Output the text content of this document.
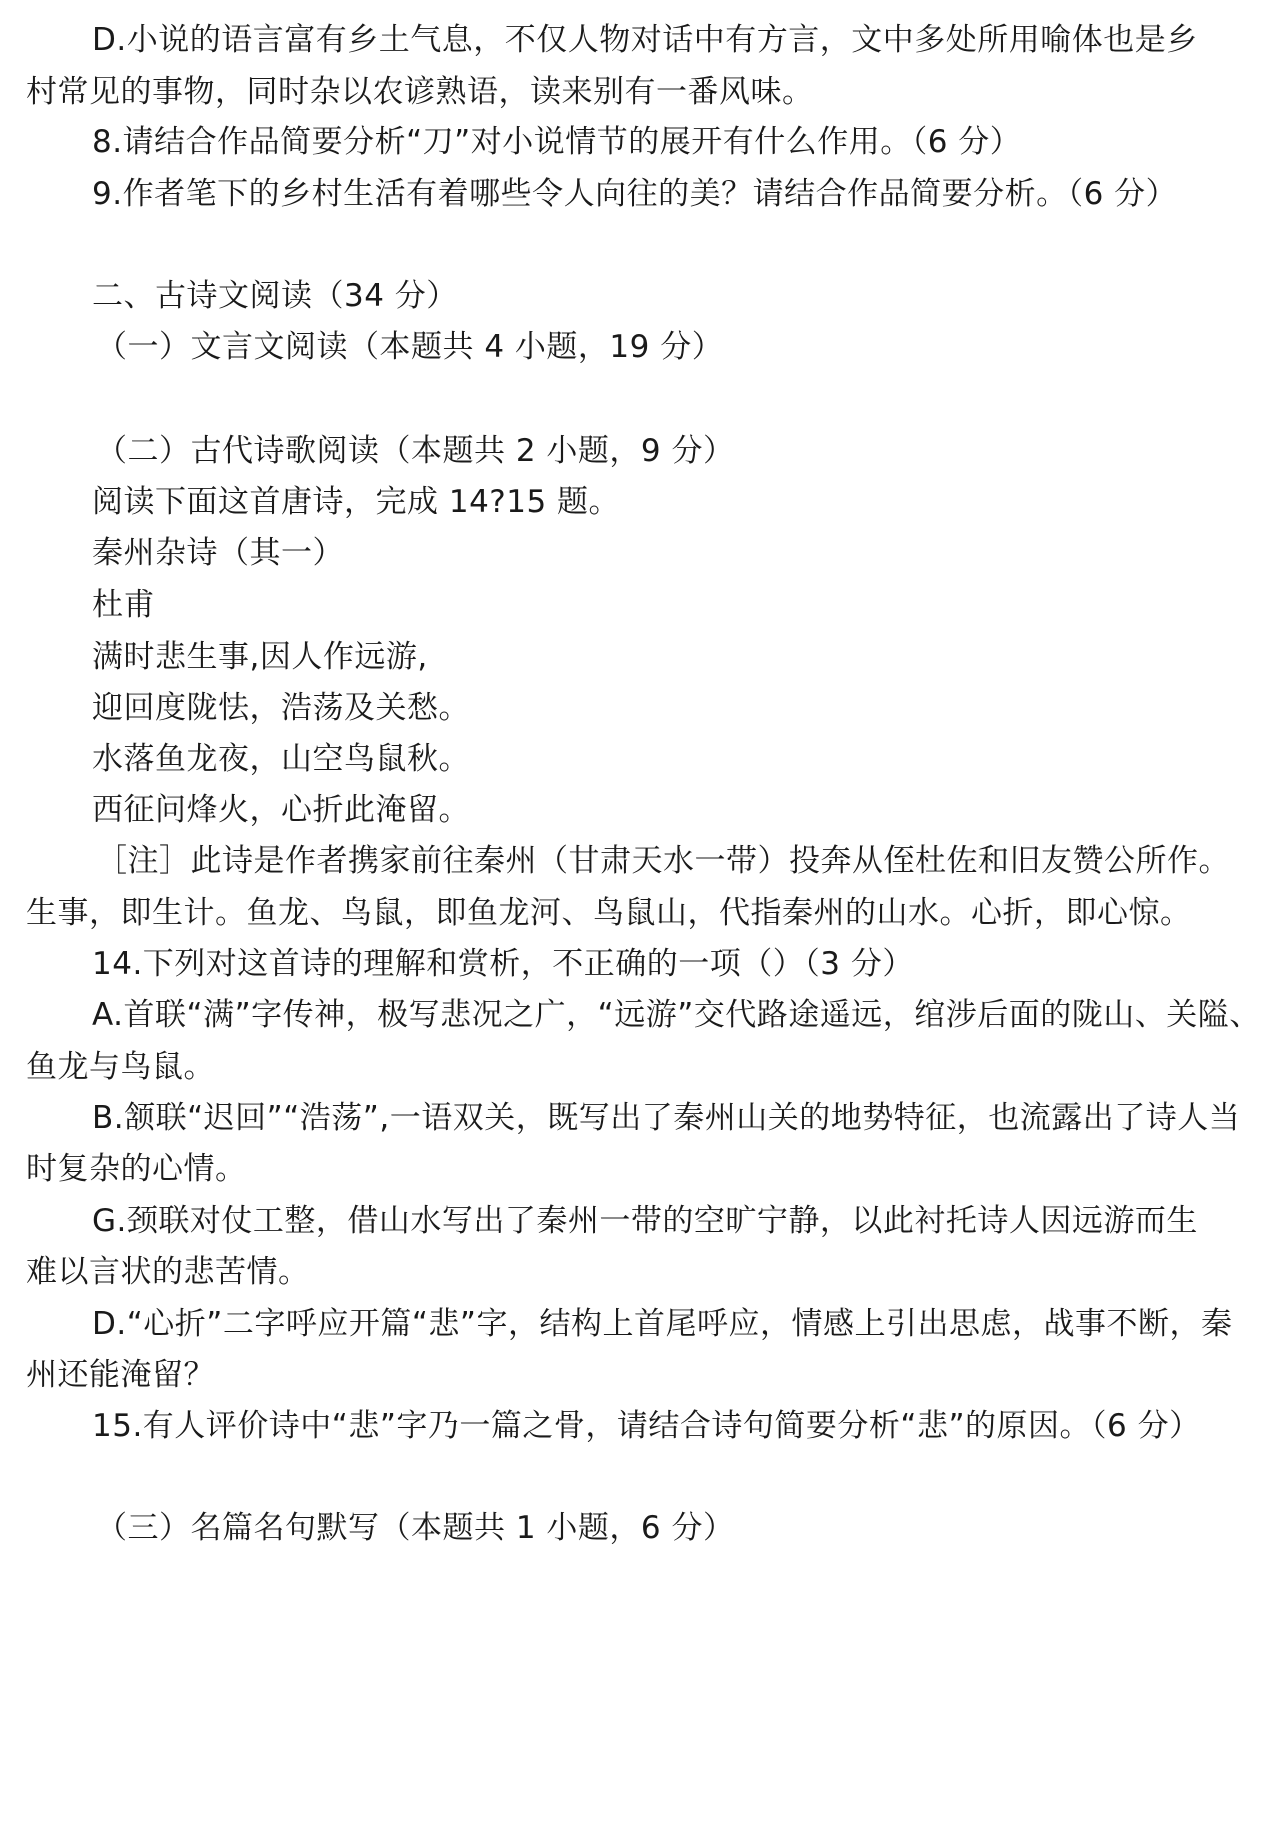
D.小说的语言富有乡土气息，不仅人物对话中有方言，文中多处所用喻体也是乡
村常见的事物，同时杂以农谚熟语，读来别有一番风味。
8.请结合作品简要分析“刀”对小说情节的展开有什么作用。（6 分）
9.作者笔下的乡村生活有着哪些令人向往的美？请结合作品简要分析。（6 分）
二、古诗文阅读（34 分）
（一）文言文阅读（本题共 4 小题，19 分）
（二）古代诗歌阅读（本题共 2 小题，9 分）
阅读下面这首唐诗，完成 14?15 题。
秦州杂诗（其一）
杜甫
满时悲生事,因人作远游,
迎回度陇怯，浩荡及关愁。
水落鱼龙夜，山空鸟鼠秋。
西征问烽火，心折此淹留。
［注］此诗是作者携家前往秦州（甘肃天水一带）投奔从侄杜佐和旧友赞公所作。
生事，即生计。鱼龙、鸟鼠，即鱼龙河、鸟鼠山，代指秦州的山水。心折，即心惊。
14.下列对这首诗的理解和赏析，不正确的一项（）（3 分）
A.首联“满”字传神，极写悲况之广，“远游”交代路途遥远，绾涉后面的陇山、关隘、
鱼龙与鸟鼠。
B.颔联“迟回”“浩荡”,一语双关，既写出了秦州山关的地势特征，也流露出了诗人当
时复杂的心情。
G.颈联对仗工整，借山水写出了秦州一带的空旷宁静，以此衬托诗人因远游而生
难以言状的悲苦情。
D.“心折”二字呼应开篇“悲”字，结构上首尾呼应，情感上引出思虑，战事不断，秦
州还能淹留？
15.有人评价诗中“悲”字乃一篇之骨，请结合诗句简要分析“悲”的原因。（6 分）
（三）名篇名句默写（本题共 1 小题，6 分）
